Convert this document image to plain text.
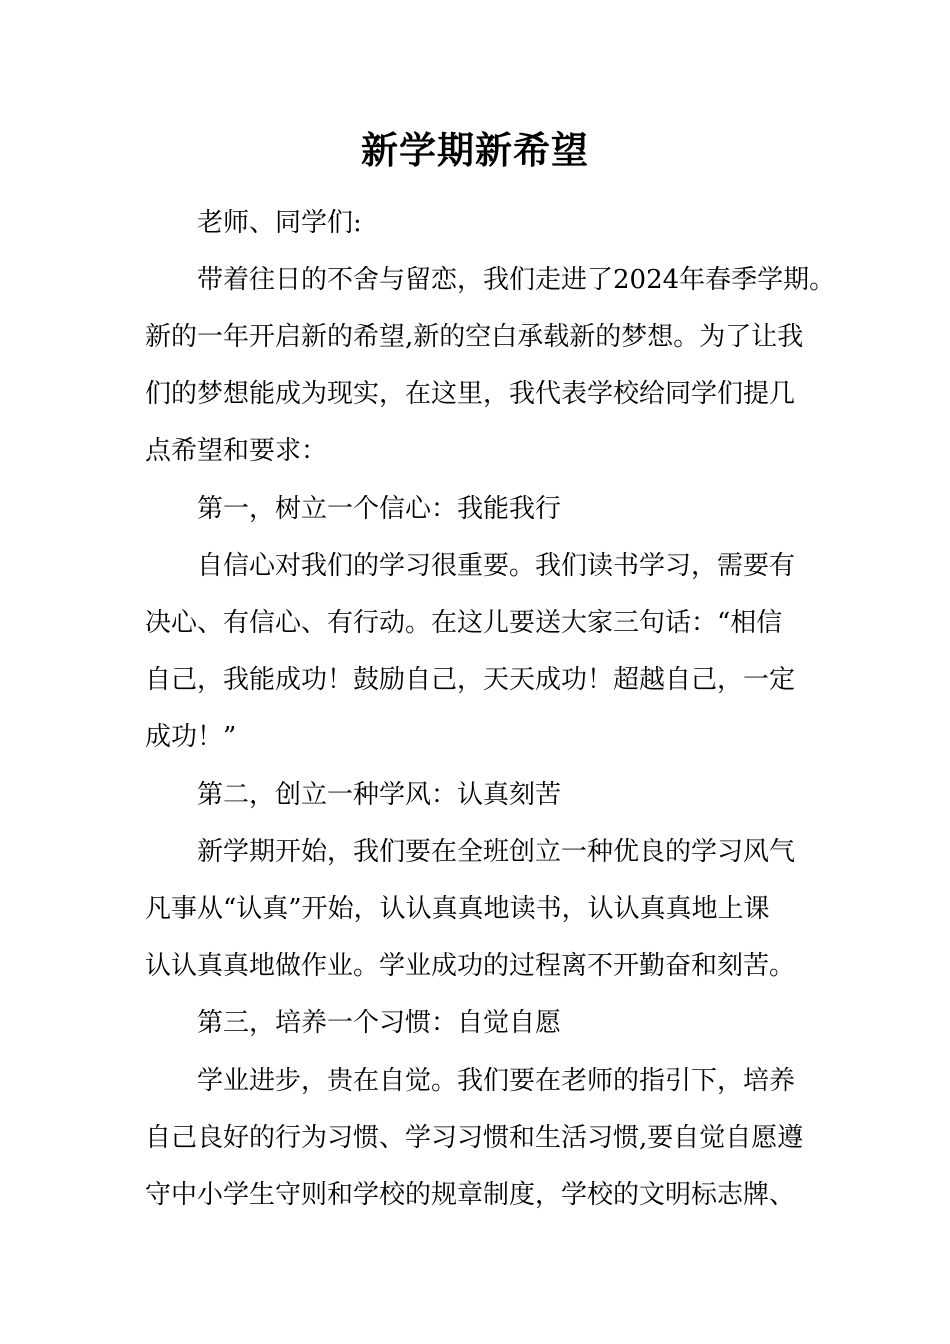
新学期新希望

老师、同学们:

带着往日的不舍与留恋，我们走进了2024年春季学期。

新的一年开启新的希望,新的空白承载新的梦想。为了让我

们的梦想能成为现实，在这里，我代表学校给同学们提几

点希望和要求：

第一，树立一个信心：我能我行

自信心对我们的学习很重要。我们读书学习，需要有

决心、有信心、有行动。在这儿要送大家三句话：“相信

自己，我能成功！鼓励自己，天天成功！超越自己，一定

成功！”

第二，创立一种学风：认真刻苦

新学期开始，我们要在全班创立一种优良的学习风气

凡事从“认真”开始，认认真真地读书，认认真真地上课

认认真真地做作业。学业成功的过程离不开勤奋和刻苦。

第三，培养一个习惯：自觉自愿

学业进步，贵在自觉。我们要在老师的指引下，培养

自己良好的行为习惯、学习习惯和生活习惯,要自觉自愿遵

守中小学生守则和学校的规章制度，学校的文明标志牌、
